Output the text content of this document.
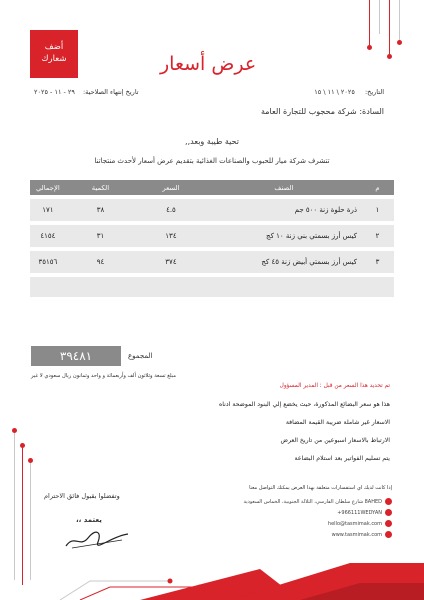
أضف
شعارك	عرض أسعار
التاريخ: ٢٠٢٥ \ ١١ \ ١٥
تاريخ إنتهاء الصلاحية: ٢٩ - ١١ - ٢٠٢٥
السادة: شركة محجوب للتجارة العامة
تحية طيبة وبعد,,
تتشرف شركة ميار للحبوب والصناعات الغذائية بتقديم عرض أسعار لأحدث منتجاتنا
م	الصنف	السعر	الكمية	الإجمالي
١	ذرة حلوة زنة ٥٠٠ جم	٤.٥	٣٨	١٧١
٢	كيس أرز بسمتي بني زنة ١٠ كج	١٣٤	٣١	٤١٥٤
٣	كيس أرز بسمتي أبيض زنة ٤٥ كج	٣٧٤	٩٤	٣٥١٥٦

المجموع
٣٩٤٨١
مبلغ تسعة وثلاثون ألف وأربعمائة و واحد وثمانون ريال سعودي لا غير
تم تحديد هذا السعر من قبل : المدير المسؤول
هذا هو سعر البضائع المذكورة، حيث يخضع إلي البنود الموضحة ادناه
الاسعار غير شاملة ضريبة القيمة المضافة
الارتباط بالاسعار اسبوعين من تاريخ العرض
يتم تسليم الفواتير بعد استلام البضاعة
إذا كانت لديك اي استفسارات متعلقة بهذا العرض يمكنك التواصل معنا
8AHED شارع سلطان الفارسي، التلالة الجنوبية، الخماس السعودية
+966111WEDYAN
hello@tasmimak.com
www.tasmimak.com
وتفضلوا بقبول فائق الاحترام
يعتمد ،،
